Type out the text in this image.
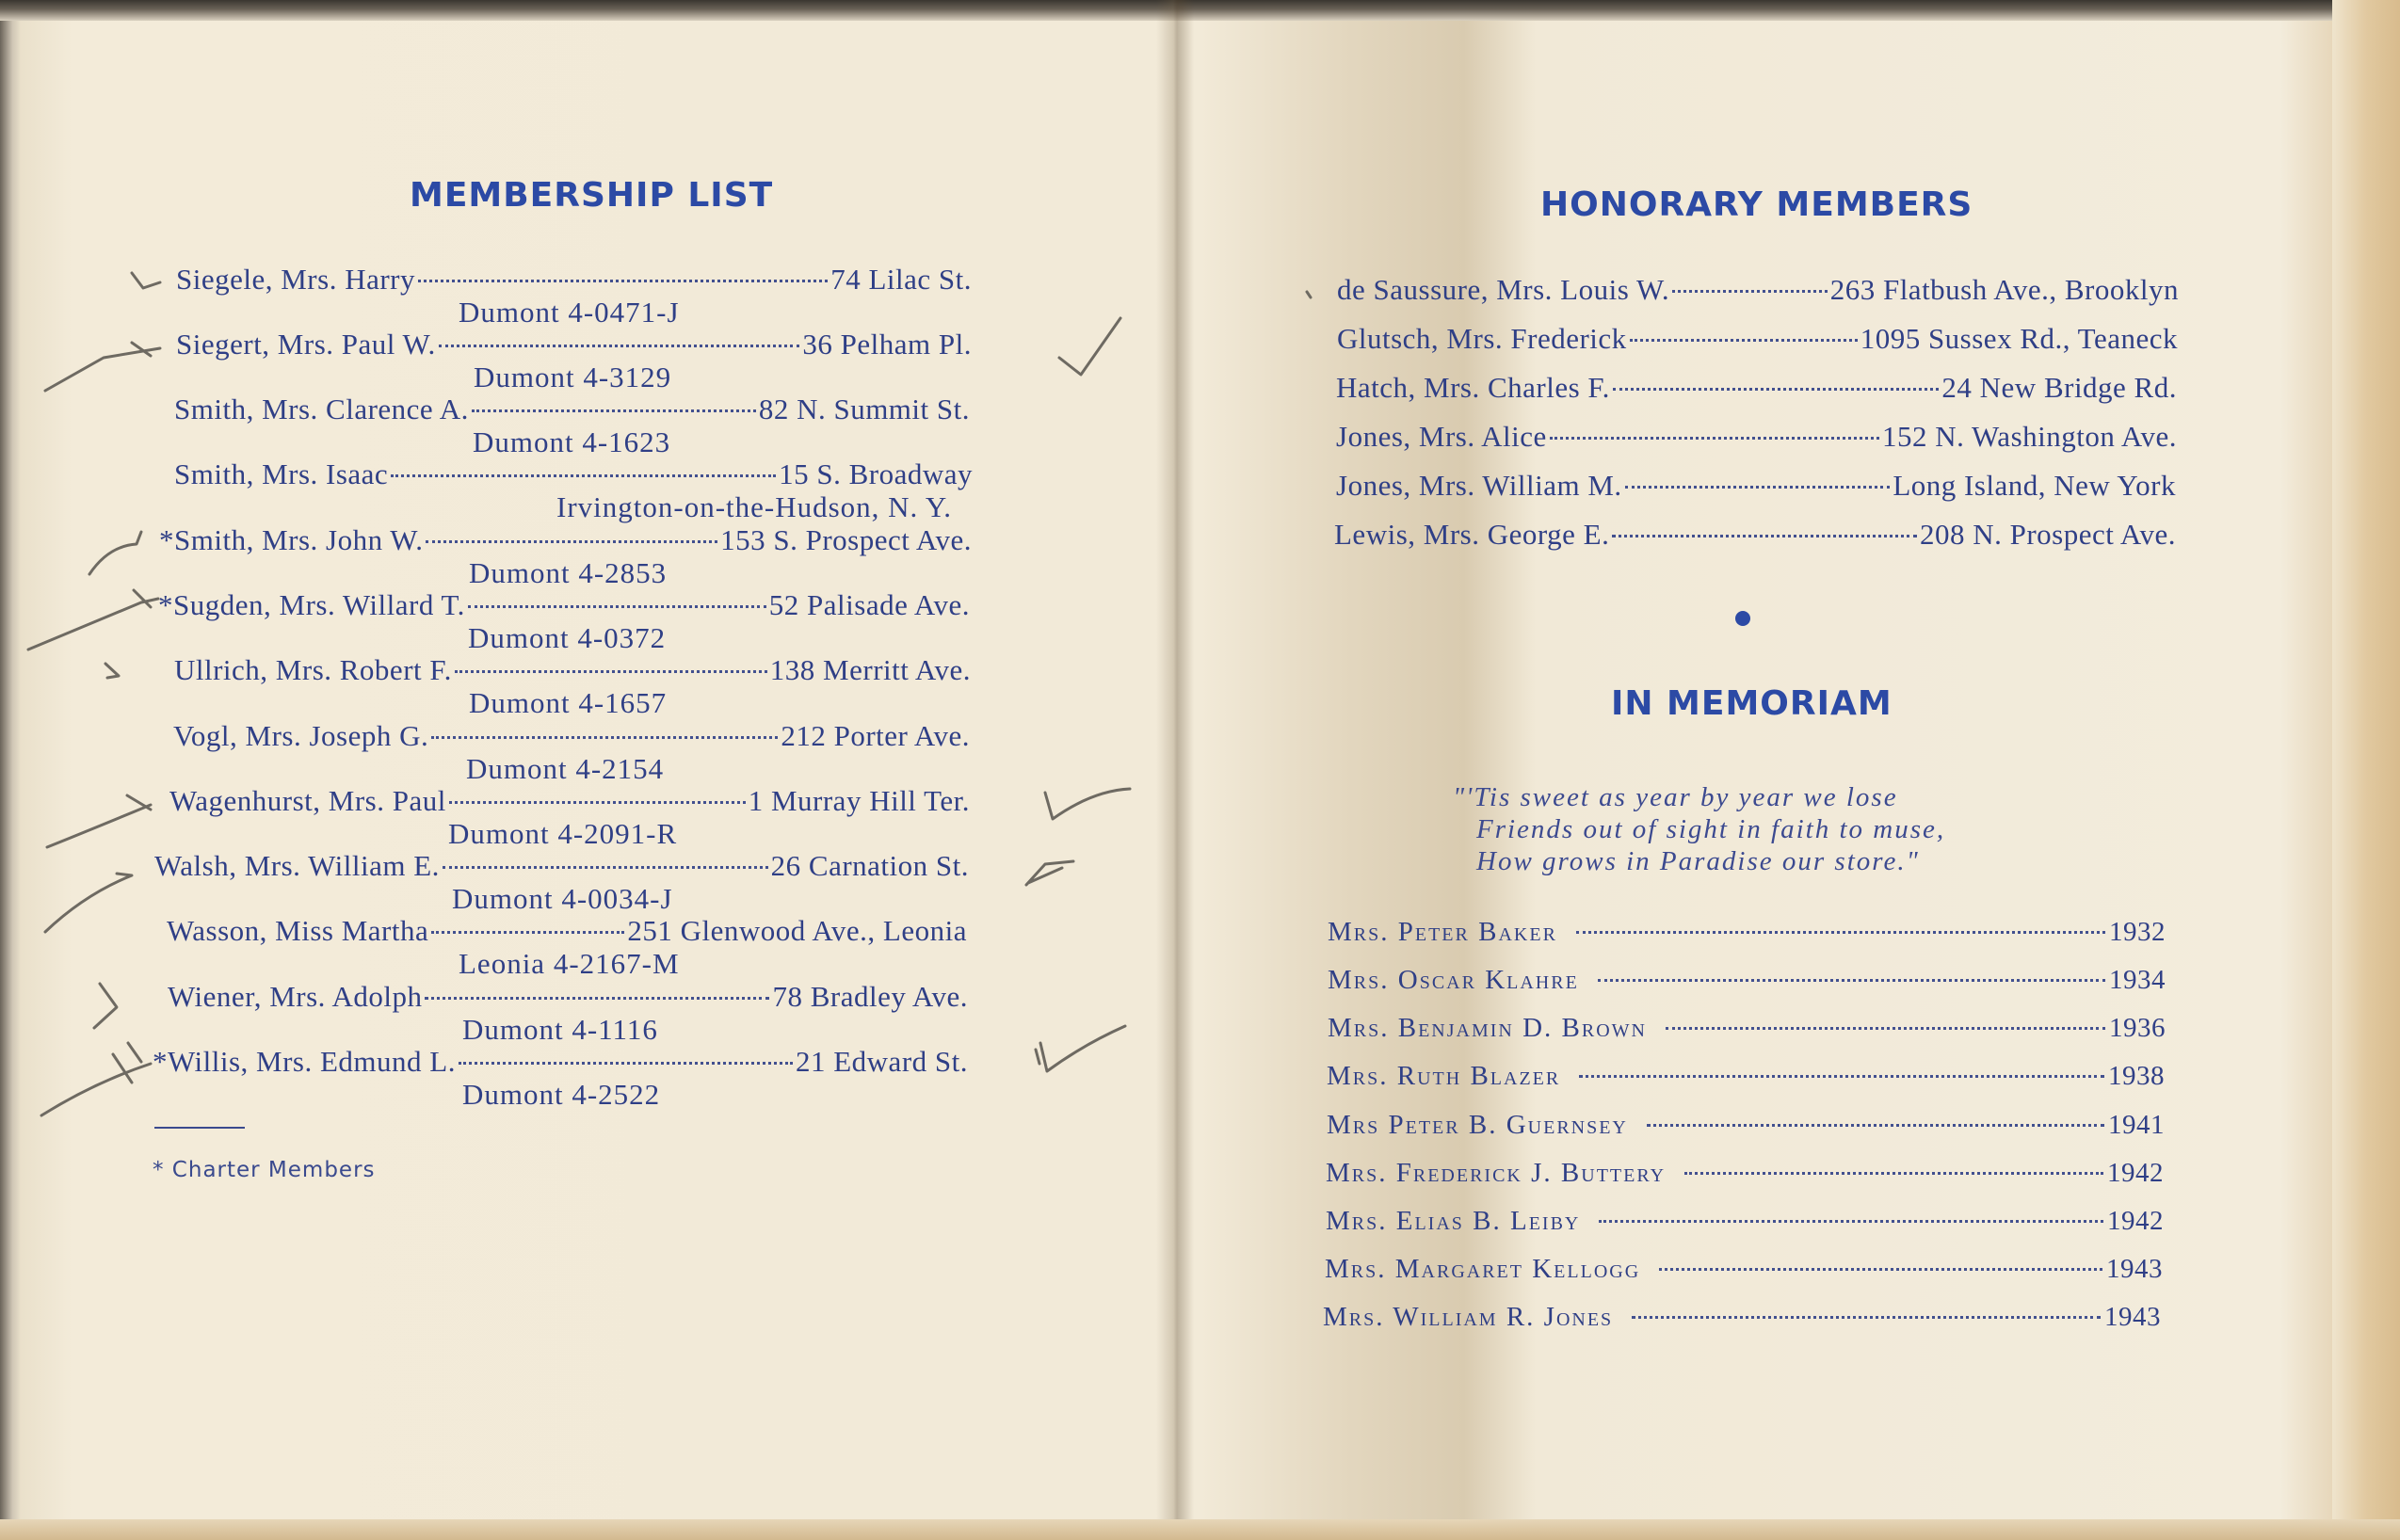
MEMBERSHIP LIST
Siegele, Mrs. Harry	74 Lilac St.
Dumont 4-0471-J
Siegert, Mrs. Paul W.	36 Pelham Pl.
Dumont 4-3129
Smith, Mrs. Clarence A.	82 N. Summit St.
Dumont 4-1623
Smith, Mrs. Isaac	15 S. Broadway
Irvington-on-the-Hudson, N. Y.
*Smith, Mrs. John W.	153 S. Prospect Ave.
Dumont 4-2853
*Sugden, Mrs. Willard T.	52 Palisade Ave.
Dumont 4-0372
Ullrich, Mrs. Robert F.	138 Merritt Ave.
Dumont 4-1657
Vogl, Mrs. Joseph G.	212 Porter Ave.
Dumont 4-2154
Wagenhurst, Mrs. Paul	1 Murray Hill Ter.
Dumont 4-2091-R
Walsh, Mrs. William E.	26 Carnation St.
Dumont 4-0034-J
Wasson, Miss Martha	251 Glenwood Ave., Leonia
Leonia 4-2167-M
Wiener, Mrs. Adolph	78 Bradley Ave.
Dumont 4-1116
*Willis, Mrs. Edmund L.	21 Edward St.
Dumont 4-2522
* Charter Members
HONORARY MEMBERS
de Saussure, Mrs. Louis W.	263 Flatbush Ave., Brooklyn
Glutsch, Mrs. Frederick	1095 Sussex Rd., Teaneck
Hatch, Mrs. Charles F.	24 New Bridge Rd.
Jones, Mrs. Alice	152 N. Washington Ave.
Jones, Mrs. William M.	Long Island, New York
Lewis, Mrs. George E.	208 N. Prospect Ave.
IN MEMORIAM
"'Tis sweet as year by year we lose
Friends out of sight in faith to muse,
How grows in Paradise our store."
Mrs. Peter Baker	1932
Mrs. Oscar Klahre	1934
Mrs. Benjamin D. Brown	1936
Mrs. Ruth Blazer	1938
Mrs Peter B. Guernsey	1941
Mrs. Frederick J. Buttery	1942
Mrs. Elias B. Leiby	1942
Mrs. Margaret Kellogg	1943
Mrs. William R. Jones	1943
